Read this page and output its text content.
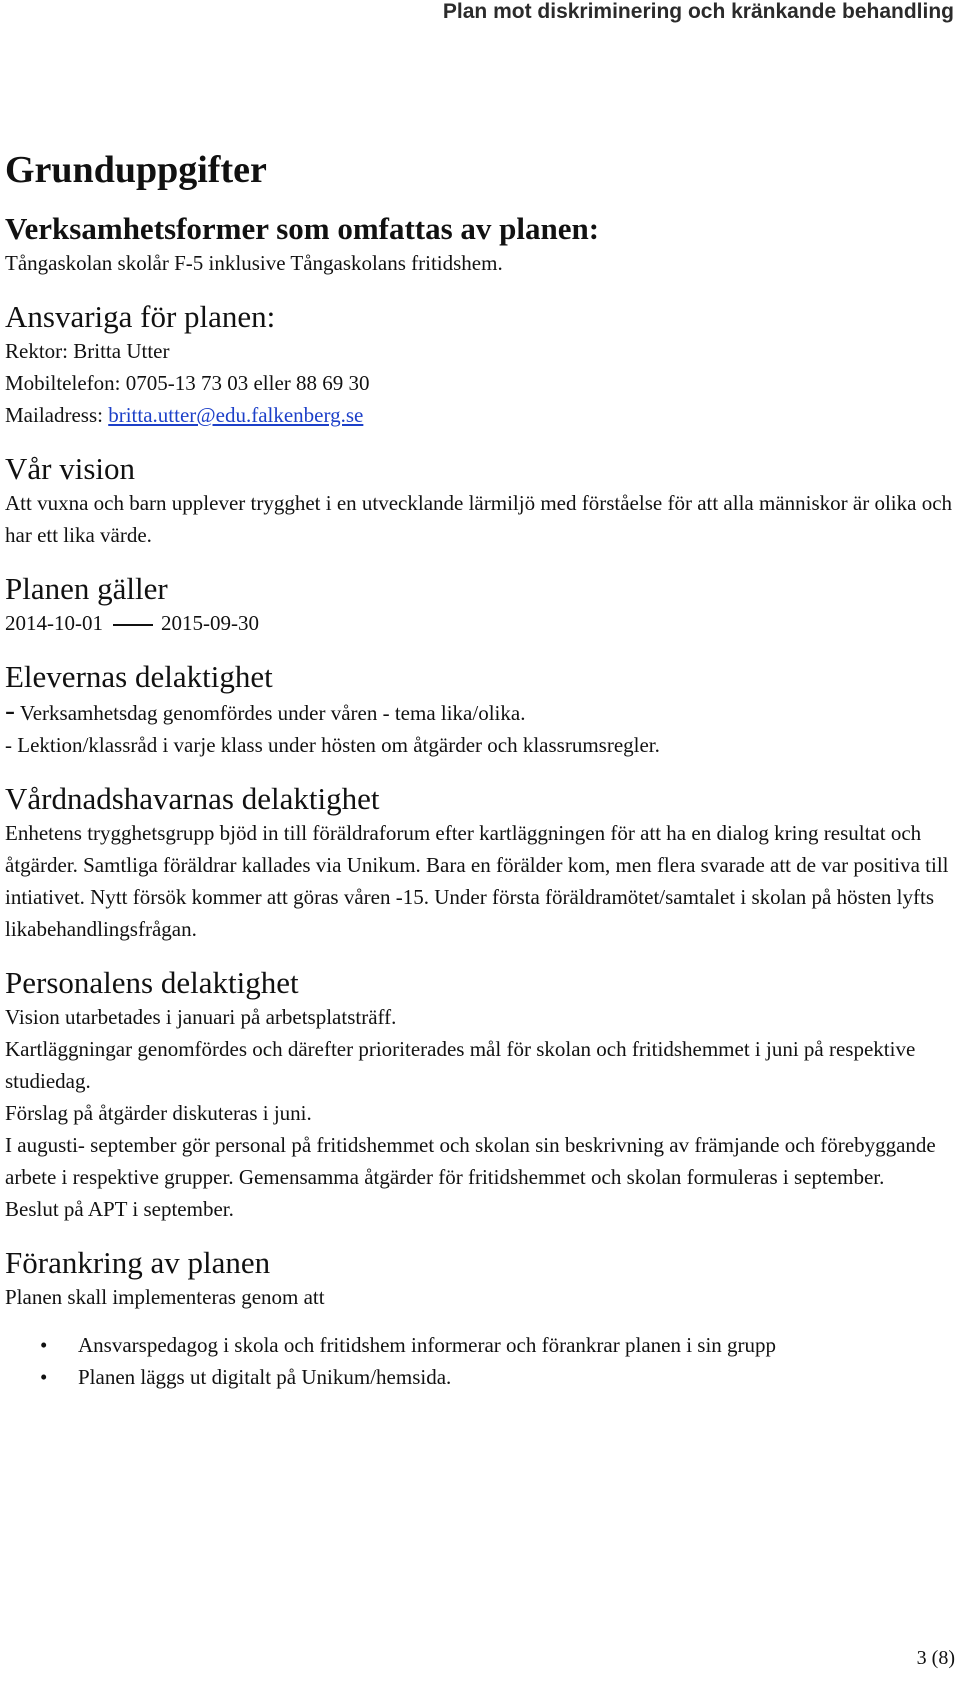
Plan mot diskriminering och kränkande behandling
Grunduppgifter
Verksamhetsformer som omfattas av planen:

Tångaskolan skolår F-5 inklusive Tångaskolans fritidshem.

Ansvariga för planen:

Rektor: Britta Utter

Mobiltelefon: 0705-13 73 03 eller 88 69 30

Mailadress: britta.utter@edu.falkenberg.se

Vår vision

Att vuxna och barn upplever trygghet i en utvecklande lärmiljö med förståelse för att alla människor är olika och har ett lika värde.

Planen gäller

2014-10-01	2015-09-30

Elevernas delaktighet

- Verksamhetsdag genomfördes under våren - tema lika/olika.

- Lektion/klassråd i varje klass under hösten om åtgärder och klassrumsregler.

Vårdnadshavarnas delaktighet

Enhetens trygghetsgrupp bjöd in till föräldraforum efter kartläggningen för att ha en dialog kring resultat och åtgärder. Samtliga föräldrar kallades via Unikum. Bara en förälder kom, men flera svarade att de var positiva till intiativet. Nytt försök kommer att göras våren -15. Under första föräldramötet/samtalet i skolan på hösten lyfts likabehandlingsfrågan.

Personalens delaktighet

Vision utarbetades i januari på arbetsplatsträff.

Kartläggningar genomfördes och därefter prioriterades mål för skolan och fritidshemmet i juni på respektive studiedag.

Förslag på åtgärder diskuteras i juni.

I augusti- september gör personal på fritidshemmet och skolan sin beskrivning av främjande och förebyggande arbete i respektive grupper. Gemensamma åtgärder för fritidshemmet och skolan formuleras i september.

Beslut på APT i september.

Förankring av planen

Planen skall implementeras genom att

• Ansvarspedagog i skola och fritidshem informerar och förankrar planen i sin grupp
• Planen läggs ut digitalt på Unikum/hemsida.
3 (8)
